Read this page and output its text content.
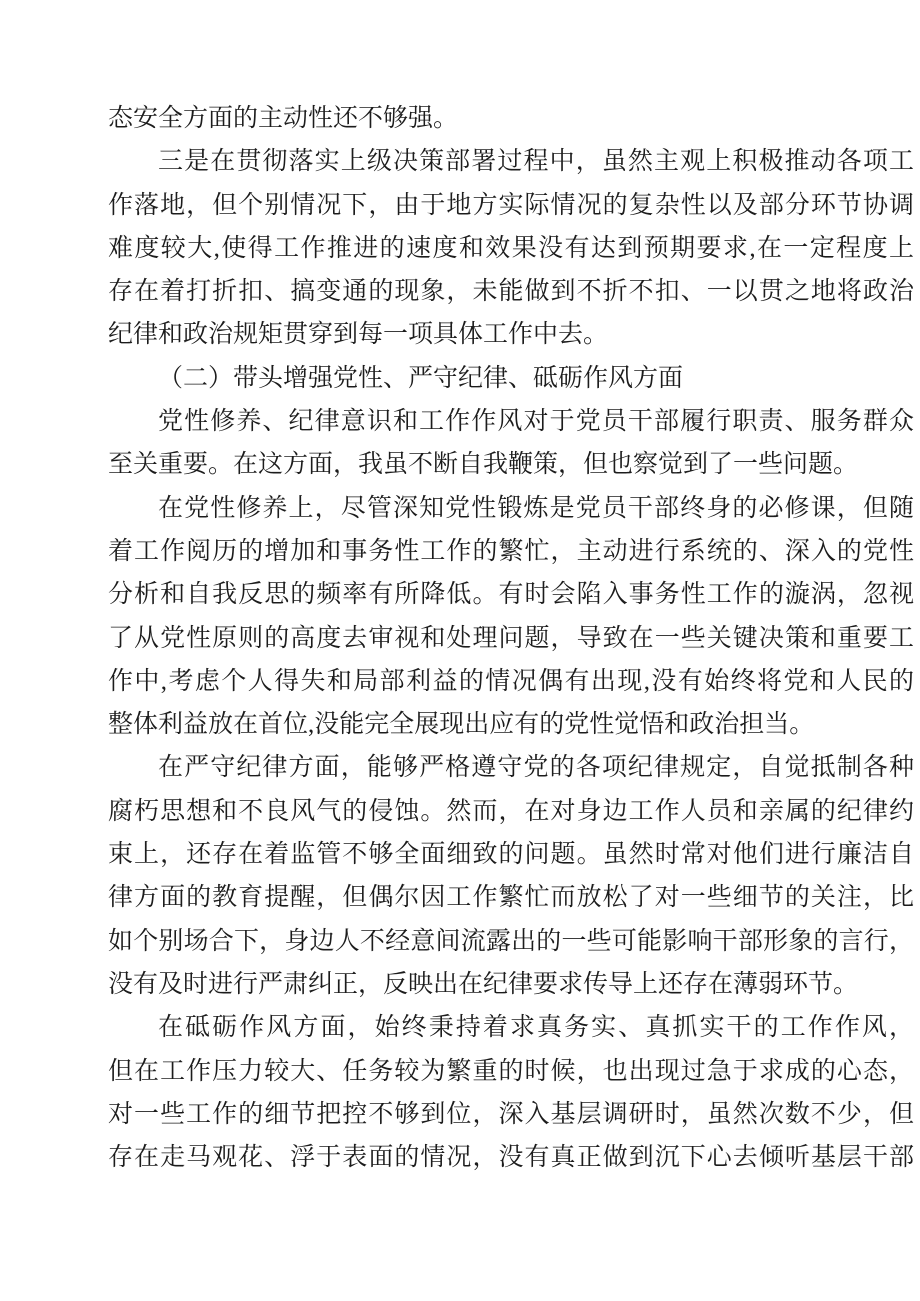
态安全方面的主动性还不够强。
三是在贯彻落实上级决策部署过程中，虽然主观上积极推动各项工
作落地，但个别情况下，由于地方实际情况的复杂性以及部分环节协调
难度较大,使得工作推进的速度和效果没有达到预期要求,在一定程度上
存在着打折扣、搞变通的现象，未能做到不折不扣、一以贯之地将政治
纪律和政治规矩贯穿到每一项具体工作中去。
（二）带头增强党性、严守纪律、砥砺作风方面
党性修养、纪律意识和工作作风对于党员干部履行职责、服务群众
至关重要。在这方面，我虽不断自我鞭策，但也察觉到了一些问题。
在党性修养上，尽管深知党性锻炼是党员干部终身的必修课，但随
着工作阅历的增加和事务性工作的繁忙，主动进行系统的、深入的党性
分析和自我反思的频率有所降低。有时会陷入事务性工作的漩涡，忽视
了从党性原则的高度去审视和处理问题，导致在一些关键决策和重要工
作中,考虑个人得失和局部利益的情况偶有出现,没有始终将党和人民的
整体利益放在首位,没能完全展现出应有的党性觉悟和政治担当。
在严守纪律方面，能够严格遵守党的各项纪律规定，自觉抵制各种
腐朽思想和不良风气的侵蚀。然而，在对身边工作人员和亲属的纪律约
束上，还存在着监管不够全面细致的问题。虽然时常对他们进行廉洁自
律方面的教育提醒，但偶尔因工作繁忙而放松了对一些细节的关注，比
如个别场合下，身边人不经意间流露出的一些可能影响干部形象的言行，
没有及时进行严肃纠正，反映出在纪律要求传导上还存在薄弱环节。
在砥砺作风方面，始终秉持着求真务实、真抓实干的工作作风，
但在工作压力较大、任务较为繁重的时候，也出现过急于求成的心态，
对一些工作的细节把控不够到位，深入基层调研时，虽然次数不少，但
存在走马观花、浮于表面的情况，没有真正做到沉下心去倾听基层干部
